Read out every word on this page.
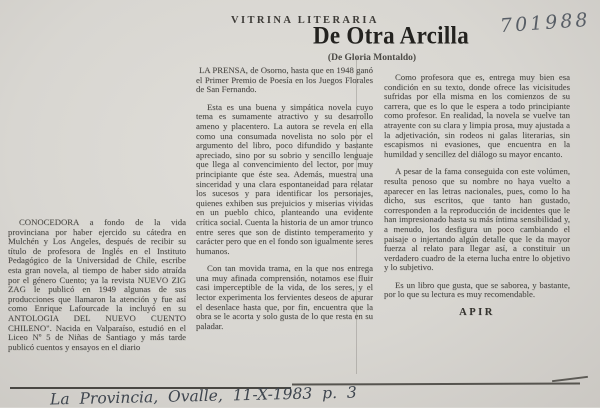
701988
VITRINA LITERARIA
De Otra Arcilla
(De Gloria Montaldo)

CONOCEDORA a fondo de la vida provinciana por haber ejercido su cátedra en Mulchén y Los Angeles, después de recibir su título de profesora de Inglés en el Instituto Pedagógico de la Universidad de Chile, escribe esta gran novela, al tiempo de haber sido atraída por el género Cuento; ya la revista NUEVO ZIG ZAG le publicó en 1949 algunas de sus producciones que llamaron la atención y fue así como Enrique Lafourcade la incluyó en su ANTOLOGIA DEL NUEVO CUENTO CHILENO". Nacida en Valparaíso, estudió en el Liceo Nº 5 de Niñas de Santiago y más tarde publicó cuentos y ensayos en el diario

LA PRENSA, de Osorno, hasta que en 1948 ganó el Primer Premio de Poesía en los Juegos Florales de San Fernando.

Esta es una buena y simpática novela cuyo tema es sumamente atractivo y su desarrollo ameno y placentero. La autora se revela en ella como una consumada novelista no solo por el argumento del libro, poco difundido y bastante apreciado, sino por su sobrio y sencillo lenguaje que llega al convencimiento del lector, por muy principiante que éste sea. Además, muestra una sinceridad y una clara espontaneidad para relatar los sucesos y para identificar los personajes, quienes exhiben sus prejuicios y miserias vividas en un pueblo chico, planteando una evidente crítica social. Cuenta la historia de un amor trunco entre seres que son de distinto temperamento y carácter pero que en el fondo son igualmente seres humanos.

Con tan movida trama, en la que nos entrega una muy afinada comprensión, notamos ese fluir casi imperceptible de la vida, de los seres, y el lector experimenta los fervientes deseos de apurar el desenlace hasta que, por fin, encuentra que la obra se le acorta y solo gusta de lo que resta en su paladar.

Como profesora que es, entrega muy bien esa condición en su texto, donde ofrece las vicisitudes sufridas por ella misma en los comienzos de su carrera, que es lo que le espera a todo principiante como profesor. En realidad, la novela se vuelve tan atrayente con su clara y limpia prosa, muy ajustada a la adjetivación, sin rodeos ni galas literarias, sin escapismos ni evasiones, que encuentra en la humildad y sencillez del diálogo su mayor encanto.

A pesar de la fama conseguida con este volúmen, resulta penoso que su nombre no haya vuelto a aparecer en las letras nacionales, pues, como lo ha dicho, sus escritos, que tanto han gustado, corresponden a la reproducción de incidentes que le han impresionado hasta su más íntima sensibilidad y, a menudo, los desfigura un poco cambiando el paisaje o injertando algún detalle que le da mayor fuerza al relato para llegar así, a constituir un verdadero cuadro de la eterna lucha entre lo objetivo y lo subjetivo.

Es un libro que gusta, que se saborea, y bastante, por lo que su lectura es muy recomendable.

APIR
La Provincia, Ovalle, 11-X-1983 p. 3
